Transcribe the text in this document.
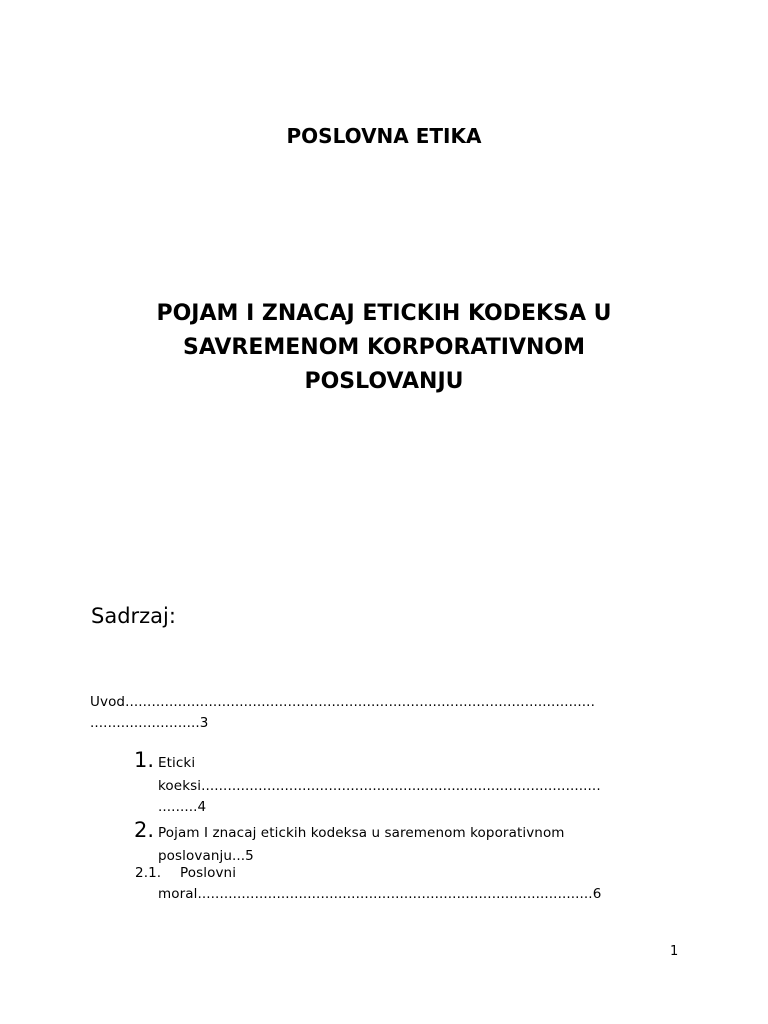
POSLOVNA ETIKA
POJAM I ZNACAJ ETICKIH KODEKSA U
SAVREMENOM KORPORATIVNOM
POSLOVANJU
Sadrzaj:
Uvod...........................................................................................................
.........................3
1. Eticki
koeksi...........................................................................................
.........4
2. Pojam I znacaj etickih kodeksa u saremenom koporativnom
poslovanju...5
2.1. Poslovni
moral..........................................................................................6
1
